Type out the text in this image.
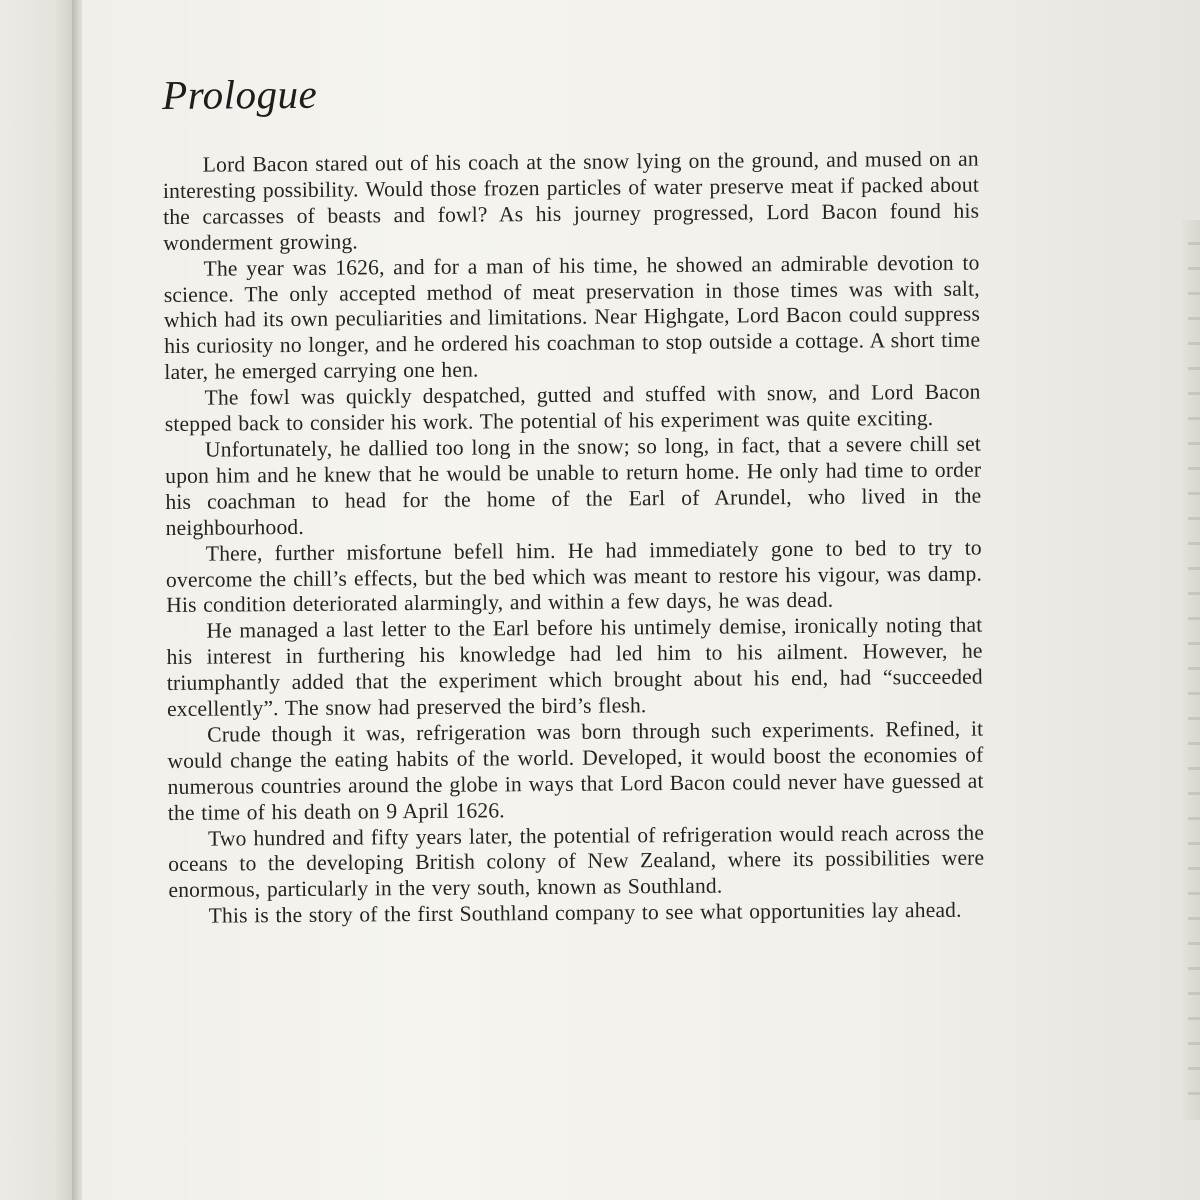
Prologue

Lord Bacon stared out of his coach at the snow lying on the ground, and mused on an interesting possibility. Would those frozen particles of water preserve meat if packed about the carcasses of beasts and fowl? As his journey progressed, Lord Bacon found his wonderment growing.

The year was 1626, and for a man of his time, he showed an admirable devotion to science. The only accepted method of meat preservation in those times was with salt, which had its own peculiarities and limitations. Near Highgate, Lord Bacon could suppress his curiosity no longer, and he ordered his coachman to stop outside a cottage. A short time later, he emerged carrying one hen.

The fowl was quickly despatched, gutted and stuffed with snow, and Lord Bacon stepped back to consider his work. The potential of his experiment was quite exciting.

Unfortunately, he dallied too long in the snow; so long, in fact, that a severe chill set upon him and he knew that he would be unable to return home. He only had time to order his coachman to head for the home of the Earl of Arundel, who lived in the neighbourhood.

There, further misfortune befell him. He had immediately gone to bed to try to overcome the chill’s effects, but the bed which was meant to restore his vigour, was damp. His condition deteriorated alarmingly, and within a few days, he was dead.

He managed a last letter to the Earl before his untimely demise, ironically noting that his interest in furthering his knowledge had led him to his ailment. However, he triumphantly added that the experiment which brought about his end, had “succeeded excellently”. The snow had preserved the bird’s flesh.

Crude though it was, refrigeration was born through such experiments. Refined, it would change the eating habits of the world. Developed, it would boost the economies of numerous countries around the globe in ways that Lord Bacon could never have guessed at the time of his death on 9 April 1626.

Two hundred and fifty years later, the potential of refrigeration would reach across the oceans to the developing British colony of New Zealand, where its possibilities were enormous, particularly in the very south, known as Southland.

This is the story of the first Southland company to see what opportunities lay ahead.
